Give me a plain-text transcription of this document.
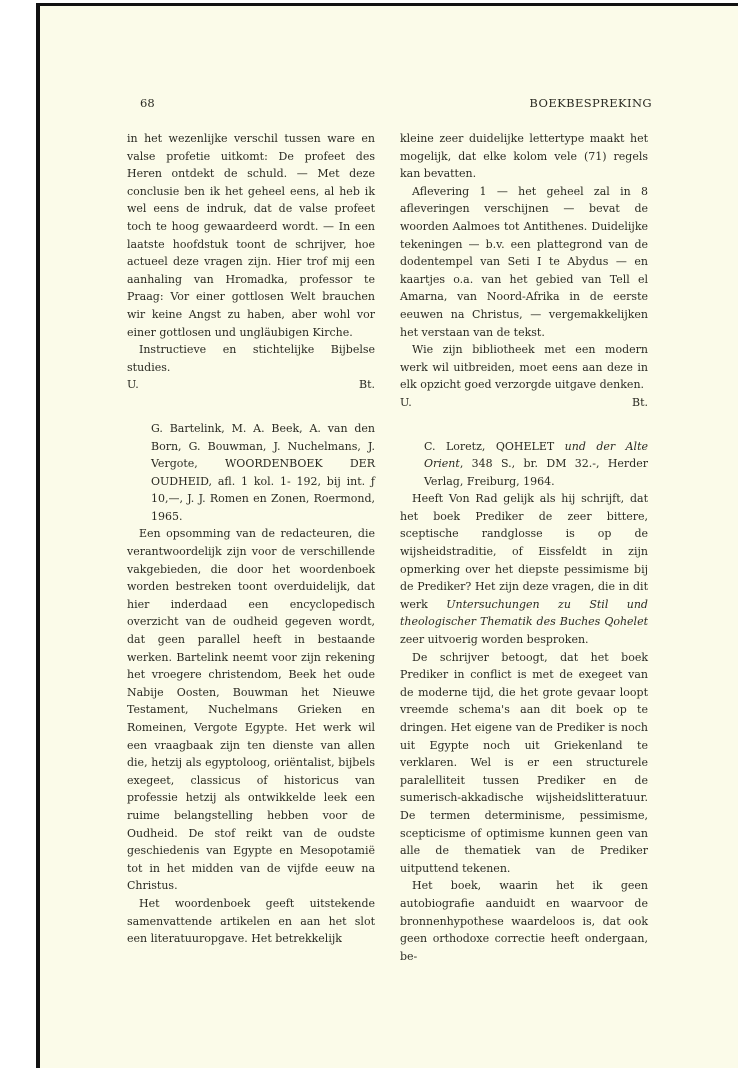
68	BOEKBESPREKING

in het wezenlijke verschil tussen ware en valse profetie uitkomt: De profeet des Heren ontdekt de schuld. — Met deze conclusie ben ik het geheel eens, al heb ik wel eens de indruk, dat de valse profeet toch te hoog gewaardeerd wordt. — In een laatste hoofdstuk toont de schrijver, hoe actueel deze vragen zijn. Hier trof mij een aanhaling van Hromadka, professor te Praag: Vor einer gottlosen Welt brauchen wir keine Angst zu haben, aber wohl vor einer gottlosen und ungläubigen Kirche.

Instructieve en stichtelijke Bijbelse studies.

U.	Bt.

G. Bartelink, M. A. Beek, A. van den Born, G. Bouwman, J. Nuchelmans, J. Vergote, WOORDENBOEK DER OUDHEID, afl. 1 kol. 1- 192, bij int. ƒ 10,—, J. J. Romen en Zonen, Roermond, 1965.

Een opsomming van de redacteuren, die verantwoordelijk zijn voor de verschillende vakgebieden, die door het woordenboek worden bestreken toont overduidelijk, dat hier inderdaad een encyclopedisch overzicht van de oudheid gegeven wordt, dat geen parallel heeft in bestaande werken. Bartelink neemt voor zijn rekening het vroegere christendom, Beek het oude Nabije Oosten, Bouwman het Nieuwe Testament, Nuchelmans Grieken en Romeinen, Vergote Egypte. Het werk wil een vraagbaak zijn ten dienste van allen die, hetzij als egyptoloog, oriëntalist, bijbels exegeet, classicus of historicus van professie hetzij als ontwikkelde leek een ruime belangstelling hebben voor de Oudheid. De stof reikt van de oudste geschiedenis van Egypte en Mesopotamië tot in het midden van de vijfde eeuw na Christus.

Het woordenboek geeft uitstekende samenvattende artikelen en aan het slot een literatuuropgave. Het betrekkelijk

kleine zeer duidelijke lettertype maakt het mogelijk, dat elke kolom vele (71) regels kan bevatten.

Aflevering 1 — het geheel zal in 8 afleveringen verschijnen — bevat de woorden Aalmoes tot Antithenes. Duidelijke tekeningen — b.v. een plattegrond van de dodentempel van Seti I te Abydus — en kaartjes o.a. van het gebied van Tell el Amarna, van Noord-Afrika in de eerste eeuwen na Christus, — vergemakkelijken het verstaan van de tekst.

Wie zijn bibliotheek met een modern werk wil uitbreiden, moet eens aan deze in elk opzicht goed verzorgde uitgave denken.

U.	Bt.

C. Loretz, QOHELET und der Alte Orient, 348 S., br. DM 32.-, Herder Verlag, Freiburg, 1964.

Heeft Von Rad gelijk als hij schrijft, dat het boek Prediker de zeer bittere, sceptische randglosse is op de wijsheidstraditie, of Eissfeldt in zijn opmerking over het diepste pessimisme bij de Prediker? Het zijn deze vragen, die in dit werk Untersuchungen zu Stil und theologischer Thematik des Buches Qohelet zeer uitvoerig worden besproken.

De schrijver betoogt, dat het boek Prediker in conflict is met de exegeet van de moderne tijd, die het grote gevaar loopt vreemde schema's aan dit boek op te dringen. Het eigene van de Prediker is noch uit Egypte noch uit Griekenland te verklaren. Wel is er een structurele paralelliteit tussen Prediker en de sumerisch-akkadische wijsheidslitteratuur. De termen determinisme, pessimisme, scepticisme of optimisme kunnen geen van alle de thematiek van de Prediker uitputtend tekenen.

Het boek, waarin het ik geen autobiografie aanduidt en waarvoor de bronnenhypothese waardeloos is, dat ook geen orthodoxe correctie heeft ondergaan, be-
